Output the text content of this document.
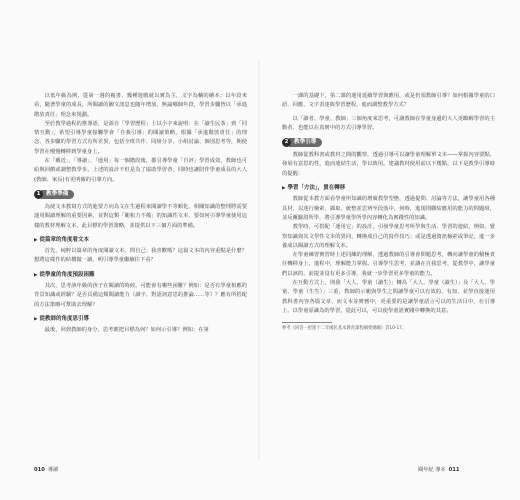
以低年級為例，從第一週的複書、幾種遊戲就以實為主，文字為輔的繪本；以年段來看，隨著學童的成長，所閱讀的圖文訊息也隨年增加，無論哪個年段，學習步驟皆以「承進階放責任」理念來規劃。

至於教學過程的推導語，是源自「學習歷程」上以小字來說明：在「讀生民茶」到「同情互動」，希望引導學童接觸學會「自我引導」的閱讀策略，根據「承進階放責任」的理念，各步驟的學習方式有所差異，包括全班共作、同組分享、小組討論、個別思考等，期使學習在慢慢轉移到學童身上。

在「戴近」、「導讀」、「運用」每一個階段後，都引導學童「自評」學習成效，教師也可給與回饋或調整教學步。上述的設計不但是為了協助學習者，同時也讓陪伴學童成長的大人(教師、家長)有更明確的引導方向。

1 教學準備

為使文本教寫方式的進要方向為文在生過程來閱讀學不等順化，相關知識的整理將需要運用閱讀理解的重要因素，並對這類「範和力不備」的知識性文本，要如何引導學童使用這樣的教材理解文本，此目標的學習策略，並提供以下三個方面的準備。

▶ 從篇章的角度看文本

首先，純粹以篇章的角度閱讀文本，問自己：我喜歡嗎？這篇文本的內容重點是什麼？想將這樣作的結構做一讀，明引導學童繼續往下看？

▶ 從學童的角度預設困難

其次，思考該年級的孩子在閱讀的時候，可能會有哪些困難？例如：是否有學童相應的背景知識或經驗？是否具備這類閱讀能力（讀字、對語詞意思的推論……等）？應有所搭配的方法策略可幫助去理解？

▶ 從教師的角度思引導

最後，回到教師的身分，思考應把目標為何？如何示引導？例如：在第

一課的基礎下，第二課的運用延續學習與應用，或是仍須教師引導？如何根據學童的口語、回應，文字表達與學習歷程，進而調整教學方式？

以「讀者、學童、教師」三個角度來思考，可讓教師在學童身邊的大人更瞭解學習的主動者，也能以在真實中的方式引導學習。

2 教學引導

教師從教科書或教材之間的觀察，透過引導可以讓學童理解單文本——掌握內容要點，發展有意思的性，進而連結生活，學以致用。建議教材使用前以下幾點，以下是教學引導時的提醒：

▶ 學習「方法」，貴在轉移

教師從本教方面看學童所知識的增廣教學型態，透過提問、討論等方法，讓學童用各種具材，以達行檢索、擷取、統整並思辨至段落中，何時，進規則聯結應用的能力的問題組，並反覆驗證所學，將引導學童學所學內容轉化為實踐性的知識。

教學時，可搭配「運用它」的設計，引發學童思考所學與生活、學習的連結，例如，覺察知識與其文學性文本的異同，轉換成自己的寫作技巧；或是透過資訊檢索或筆記，進一步養成以閱讀方式的理解文本。

在學童練習實習時上述同練的理解，透過教師的引導會問題思考，轉向讓學童的積極責任轉移身上，進程中，理解能力掌握。引導學生思考，並讓在自我思考，從教學中，讓學童們以該的，前提並沒有更多引導，我就一步學習更多學童的能力。

在互動方式上，則我「大人、學童（讀生）」轉為「大人、學童（讀生）」及「大人、學童、學童（生生）」三重，教師的示範與學生之間讓學童可以有效的、有知、並學直接運用教科書內容各篇文章，而文本並實務中，更重要的是讓學童語言可以的生活目中，在引導上、以學童原識為的學習，從此可以，可以使學童語實踐中轉換的其意。

參考《回答一把進十二年國民基本教育課程綱要總綱》頁10-17。
010 導讀	閱年紀 導本 011
